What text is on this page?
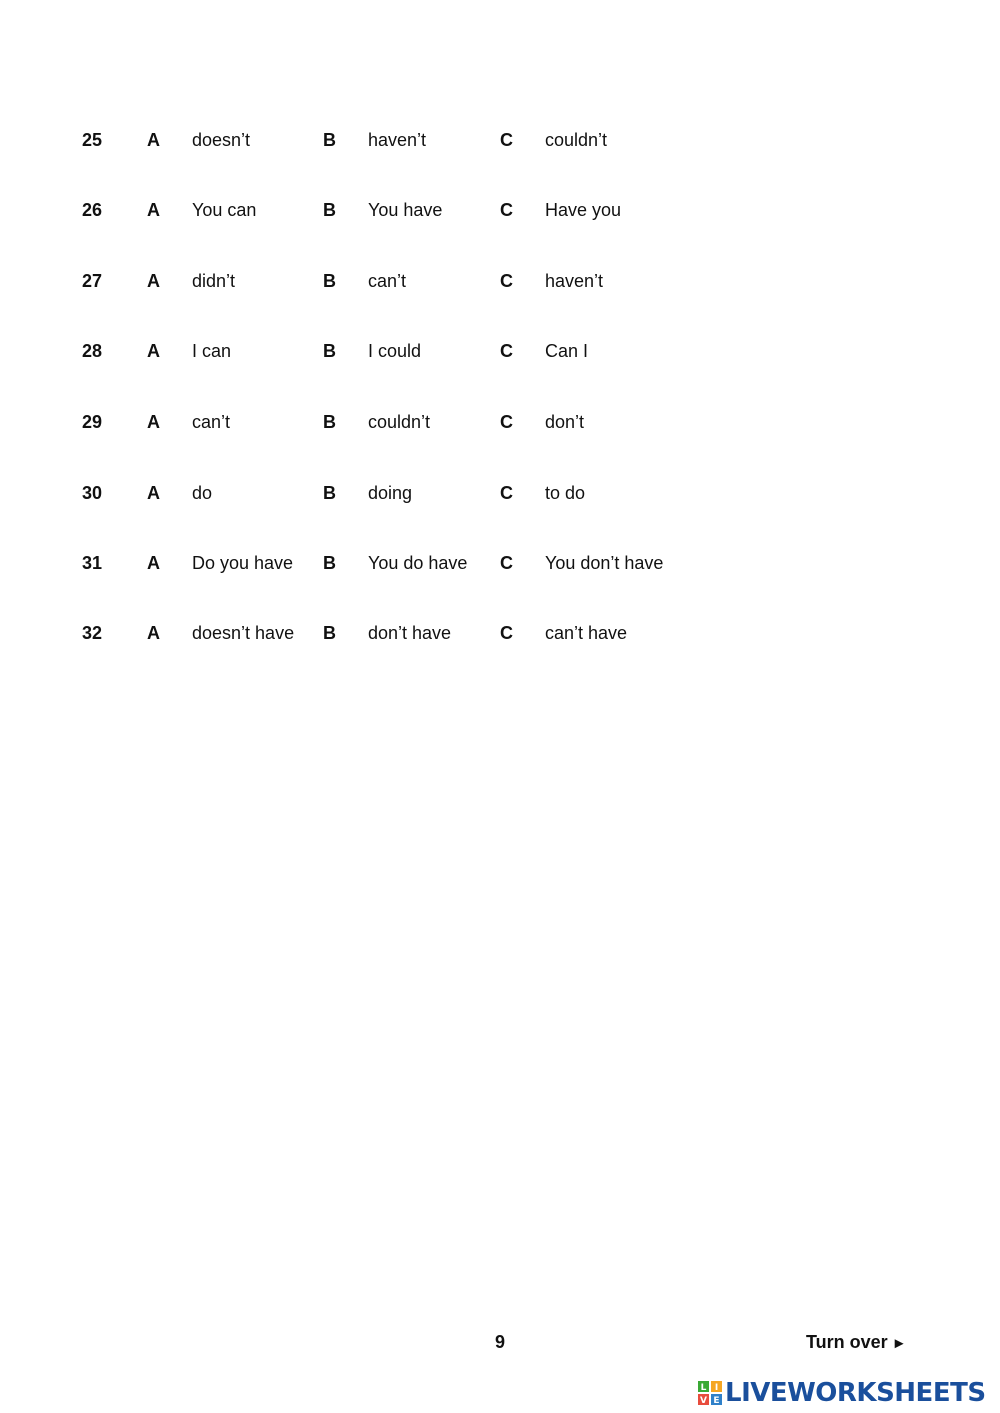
25 A doesn’t	B haven’t	C couldn’t
26 A You can	B You have	C Have you
27 A didn’t	B can’t	C haven’t
28 A I can	B I could	C Can I
29 A can’t	B couldn’t	C don’t
30 A do	B doing	C to do
31 A Do you have B You do have C You don’t have
32 A doesn’t have B don’t have	C can’t have
9	Turn over ►
L I
V E LIVEWORKSHEETS
